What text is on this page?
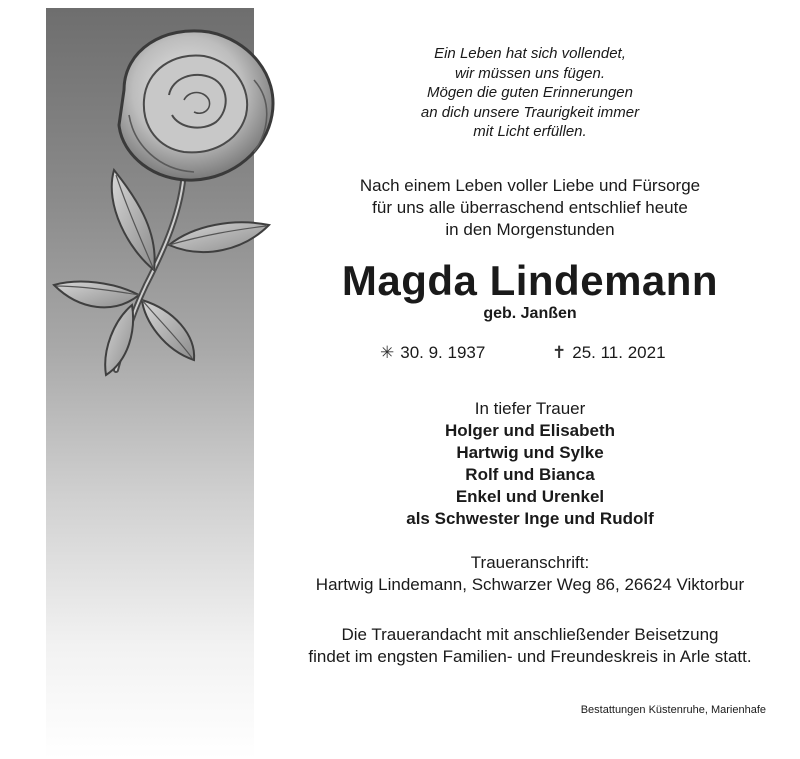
Ein Leben hat sich vollendet,
wir müssen uns fügen.
Mögen die guten Erinnerungen
an dich unsere Traurigkeit immer
mit Licht erfüllen.
Nach einem Leben voller Liebe und Fürsorge
für uns alle überraschend entschlief heute
in den Morgenstunden
Magda Lindemann
geb. Janßen
✳ 30. 9. 1937	✝ 25. 11. 2021
In tiefer Trauer
Holger und Elisabeth
Hartwig und Sylke
Rolf und Bianca
Enkel und Urenkel
als Schwester Inge und Rudolf
Traueranschrift:
Hartwig Lindemann, Schwarzer Weg 86, 26624 Viktorbur
Die Trauerandacht mit anschließender Beisetzung
findet im engsten Familien- und Freundeskreis in Arle statt.
Bestattungen Küstenruhe, Marienhafe
